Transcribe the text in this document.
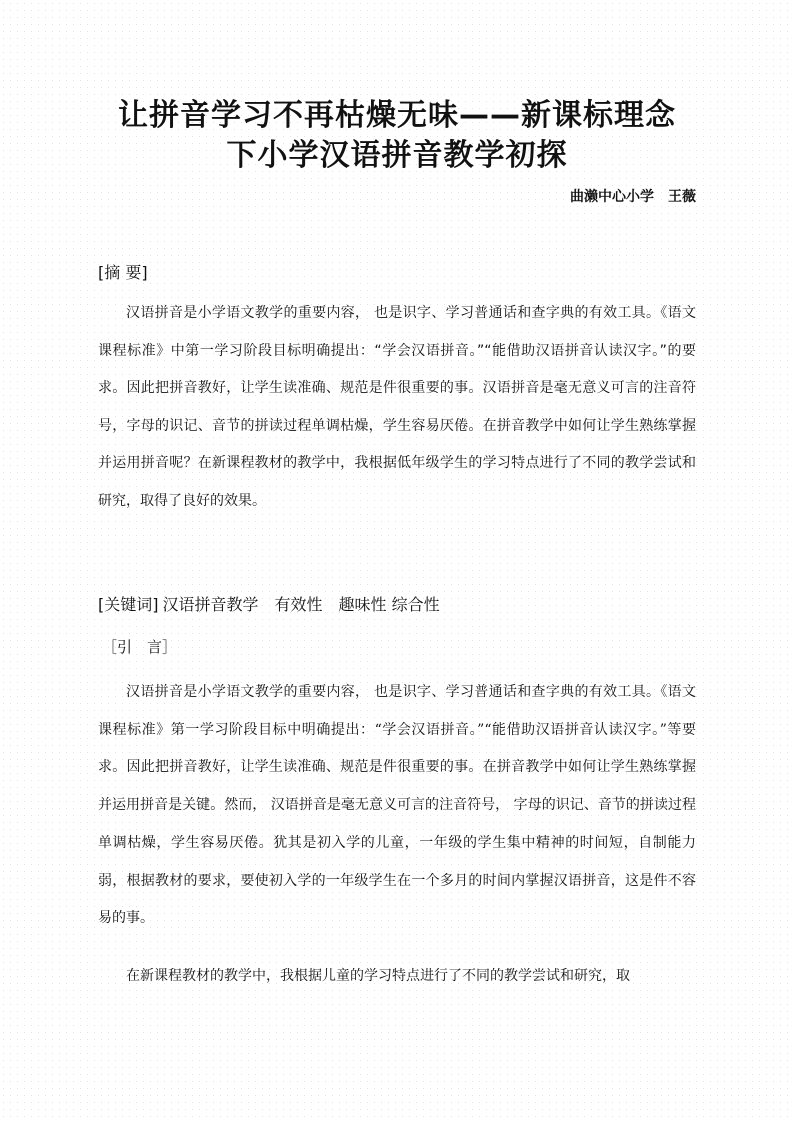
让拼音学习不再枯燥无味——新课标理念
下小学汉语拼音教学初探
曲濑中心小学　王薇
[摘 要]

汉语拼音是小学语文教学的重要内容， 也是识字、学习普通话和查字典的有效工具。《语文课程标准》中第一学习阶段目标明确提出：“学会汉语拼音。”“能借助汉语拼音认读汉字。”的要求。因此把拼音教好，让学生读准确、规范是件很重要的事。汉语拼音是毫无意义可言的注音符号，字母的识记、音节的拼读过程单调枯燥，学生容易厌倦。在拼音教学中如何让学生熟练掌握并运用拼音呢？在新课程教材的教学中，我根据低年级学生的学习特点进行了不同的教学尝试和研究，取得了良好的效果。

[关键词] 汉语拼音教学　有效性　趣味性 综合性
［引　言］

汉语拼音是小学语文教学的重要内容， 也是识字、学习普通话和查字典的有效工具。《语文课程标准》第一学习阶段目标中明确提出：“学会汉语拼音。”“能借助汉语拼音认读汉字。”等要求。因此把拼音教好，让学生读准确、规范是件很重要的事。在拼音教学中如何让学生熟练掌握并运用拼音是关键。然而， 汉语拼音是毫无意义可言的注音符号， 字母的识记、音节的拼读过程单调枯燥，学生容易厌倦。犹其是初入学的儿童，一年级的学生集中精神的时间短，自制能力弱，根据教材的要求，要使初入学的一年级学生在一个多月的时间内掌握汉语拼音，这是件不容易的事。

在新课程教材的教学中，我根据儿童的学习特点进行了不同的教学尝试和研究，取
